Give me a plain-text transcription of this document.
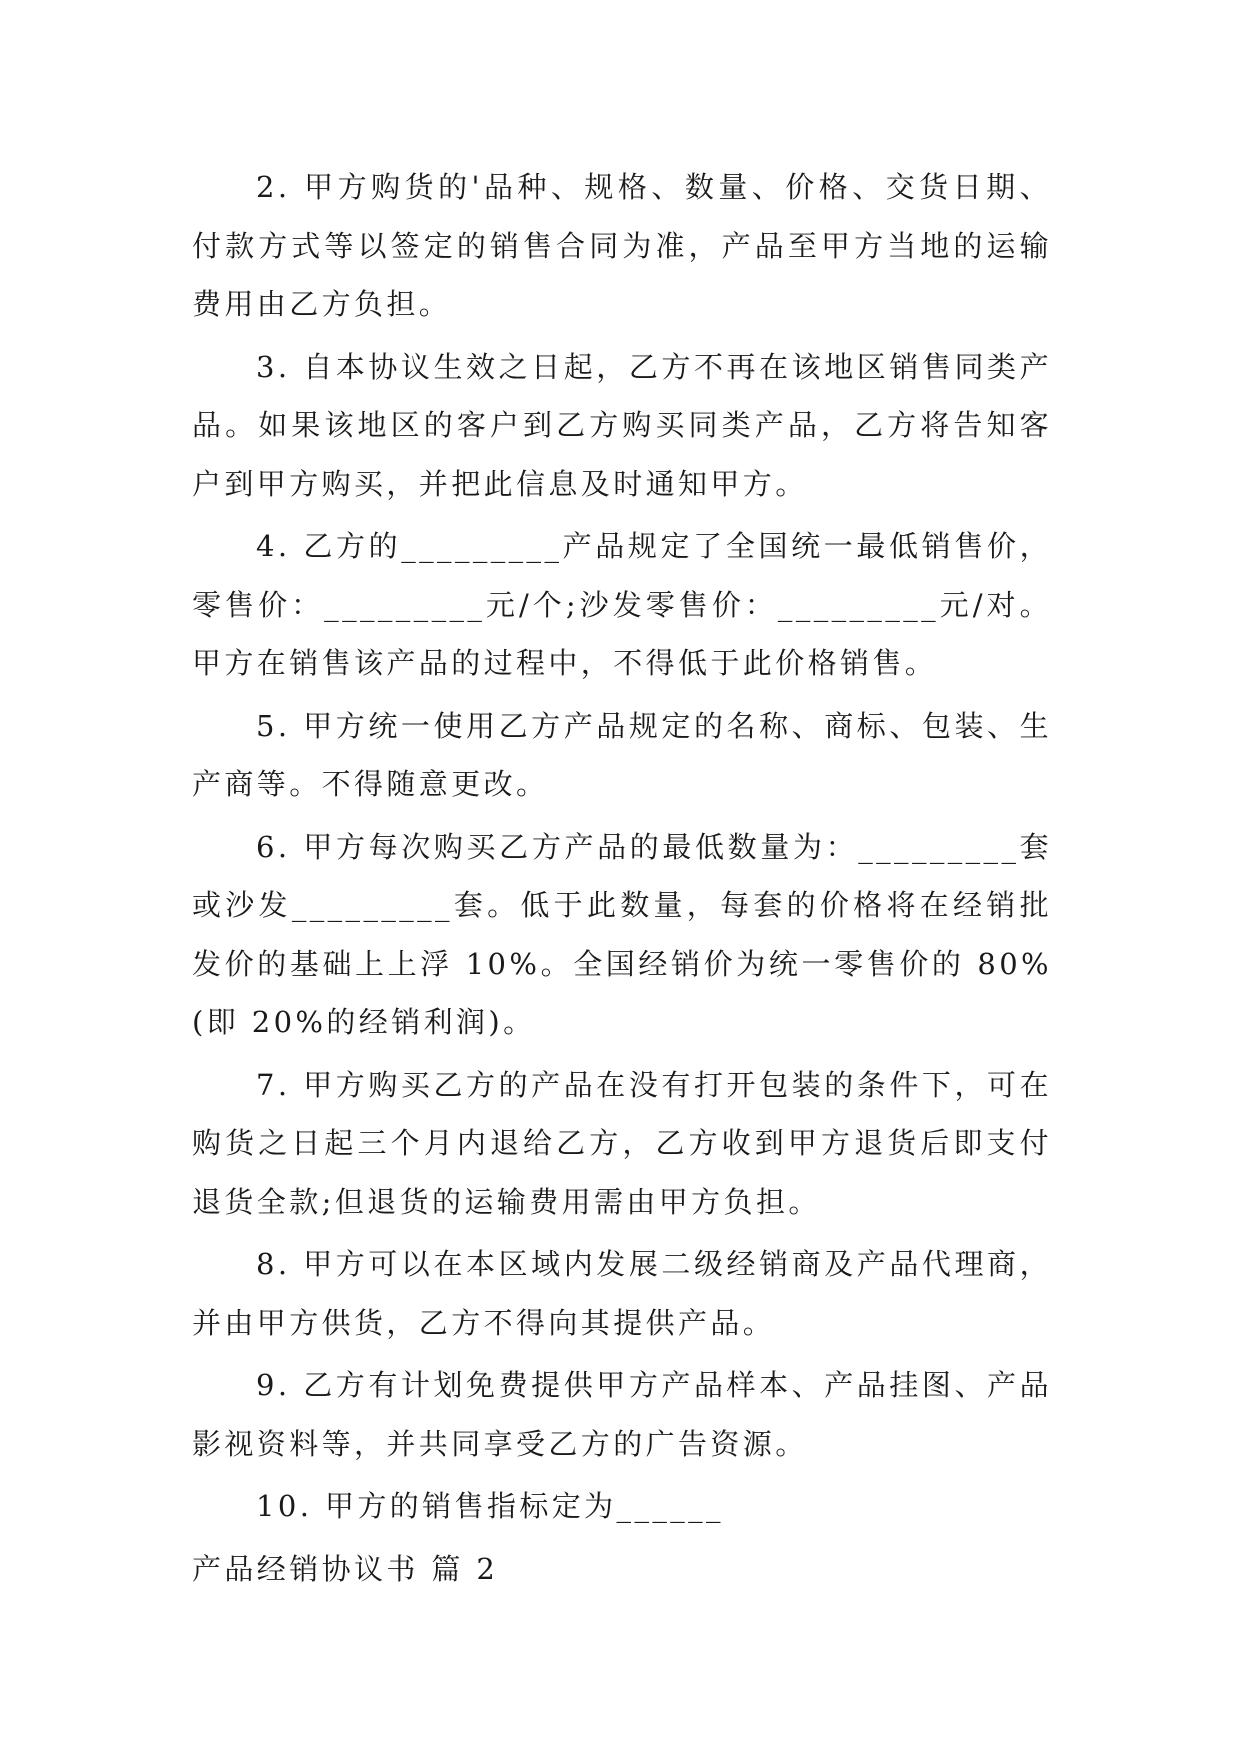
2. 甲方购货的'品种、规格、数量、价格、交货日期、付款方式等以签定的销售合同为准，产品至甲方当地的运输费用由乙方负担。

3. 自本协议生效之日起，乙方不再在该地区销售同类产品。如果该地区的客户到乙方购买同类产品，乙方将告知客户到甲方购买，并把此信息及时通知甲方。

4. 乙方的_________产品规定了全国统一最低销售价，零售价：_________元/个;沙发零售价：_________元/对。甲方在销售该产品的过程中，不得低于此价格销售。

5. 甲方统一使用乙方产品规定的名称、商标、包装、生产商等。不得随意更改。

6. 甲方每次购买乙方产品的最低数量为：_________套或沙发_________套。低于此数量，每套的价格将在经销批发价的基础上上浮 10%。全国经销价为统一零售价的 80%(即 20%的经销利润)。

7. 甲方购买乙方的产品在没有打开包装的条件下，可在购货之日起三个月内退给乙方，乙方收到甲方退货后即支付退货全款;但退货的运输费用需由甲方负担。

8. 甲方可以在本区域内发展二级经销商及产品代理商，并由甲方供货，乙方不得向其提供产品。

9. 乙方有计划免费提供甲方产品样本、产品挂图、产品影视资料等，并共同享受乙方的广告资源。

10. 甲方的销售指标定为______

产品经销协议书 篇 2
